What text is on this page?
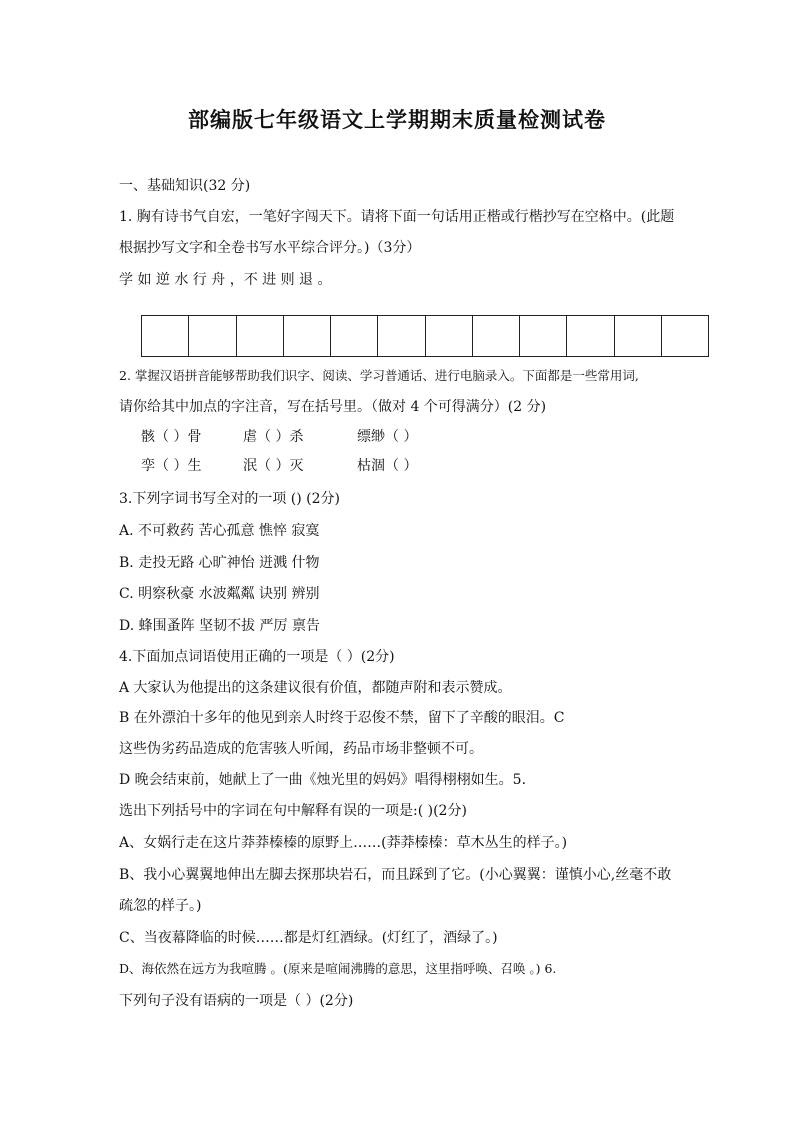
部编版七年级语文上学期期末质量检测试卷
一、基础知识(32 分)
1. 胸有诗书气自宏，一笔好字闯天下。请将下面一句话用正楷或行楷抄写在空格中。(此题
根据抄写文字和全卷书写水平综合评分。)（3分）
学 如 逆 水 行 舟 ，不 进 则 退 。
2. 掌握汉语拼音能够帮助我们识字、阅读、学习普通话、进行电脑录入。下面都是一些常用词,
请你给其中加点的字注音，写在括号里。（做对 4 个可得满分）(2 分)
骸（ ）骨	虐（ ）杀	缥缈（ ）
孪（ ）生	泯（ ）灭	枯涸（ ）
3.下列字词书写全对的一项 () (2分)
A. 不可救药 苦心孤意 憔悴 寂寞
B. 走投无路 心旷神怡 迸溅 什物
C. 明察秋豪 水波粼粼 诀别 辨别
D. 蜂围蚤阵 坚韧不拔 严厉 禀告
4.下面加点词语使用正确的一项是（ ）(2分)
A 大家认为他提出的这条建议很有价值，都随声附和表示赞成。
B 在外漂泊十多年的他见到亲人时终于忍俊不禁，留下了辛酸的眼泪。C
这些伪劣药品造成的危害骇人听闻，药品市场非整顿不可。
D 晚会结束前，她献上了一曲《烛光里的妈妈》唱得栩栩如生。5.
选出下列括号中的字词在句中解释有误的一项是:( )(2分)
A、女娲行走在这片莽莽榛榛的原野上……(莽莽榛榛：草木丛生的样子。)
B、我小心翼翼地伸出左脚去探那块岩石，而且踩到了它。(小心翼翼：谨慎小心,丝毫不敢
疏忽的样子。)
C、当夜幕降临的时候……都是灯红酒绿。(灯红了，酒绿了。)
D、海依然在远方为我喧腾 。(原来是喧闹沸腾的意思，这里指呼唤、召唤 。) 6.
下列句子没有语病的一项是（ ）(2分)
